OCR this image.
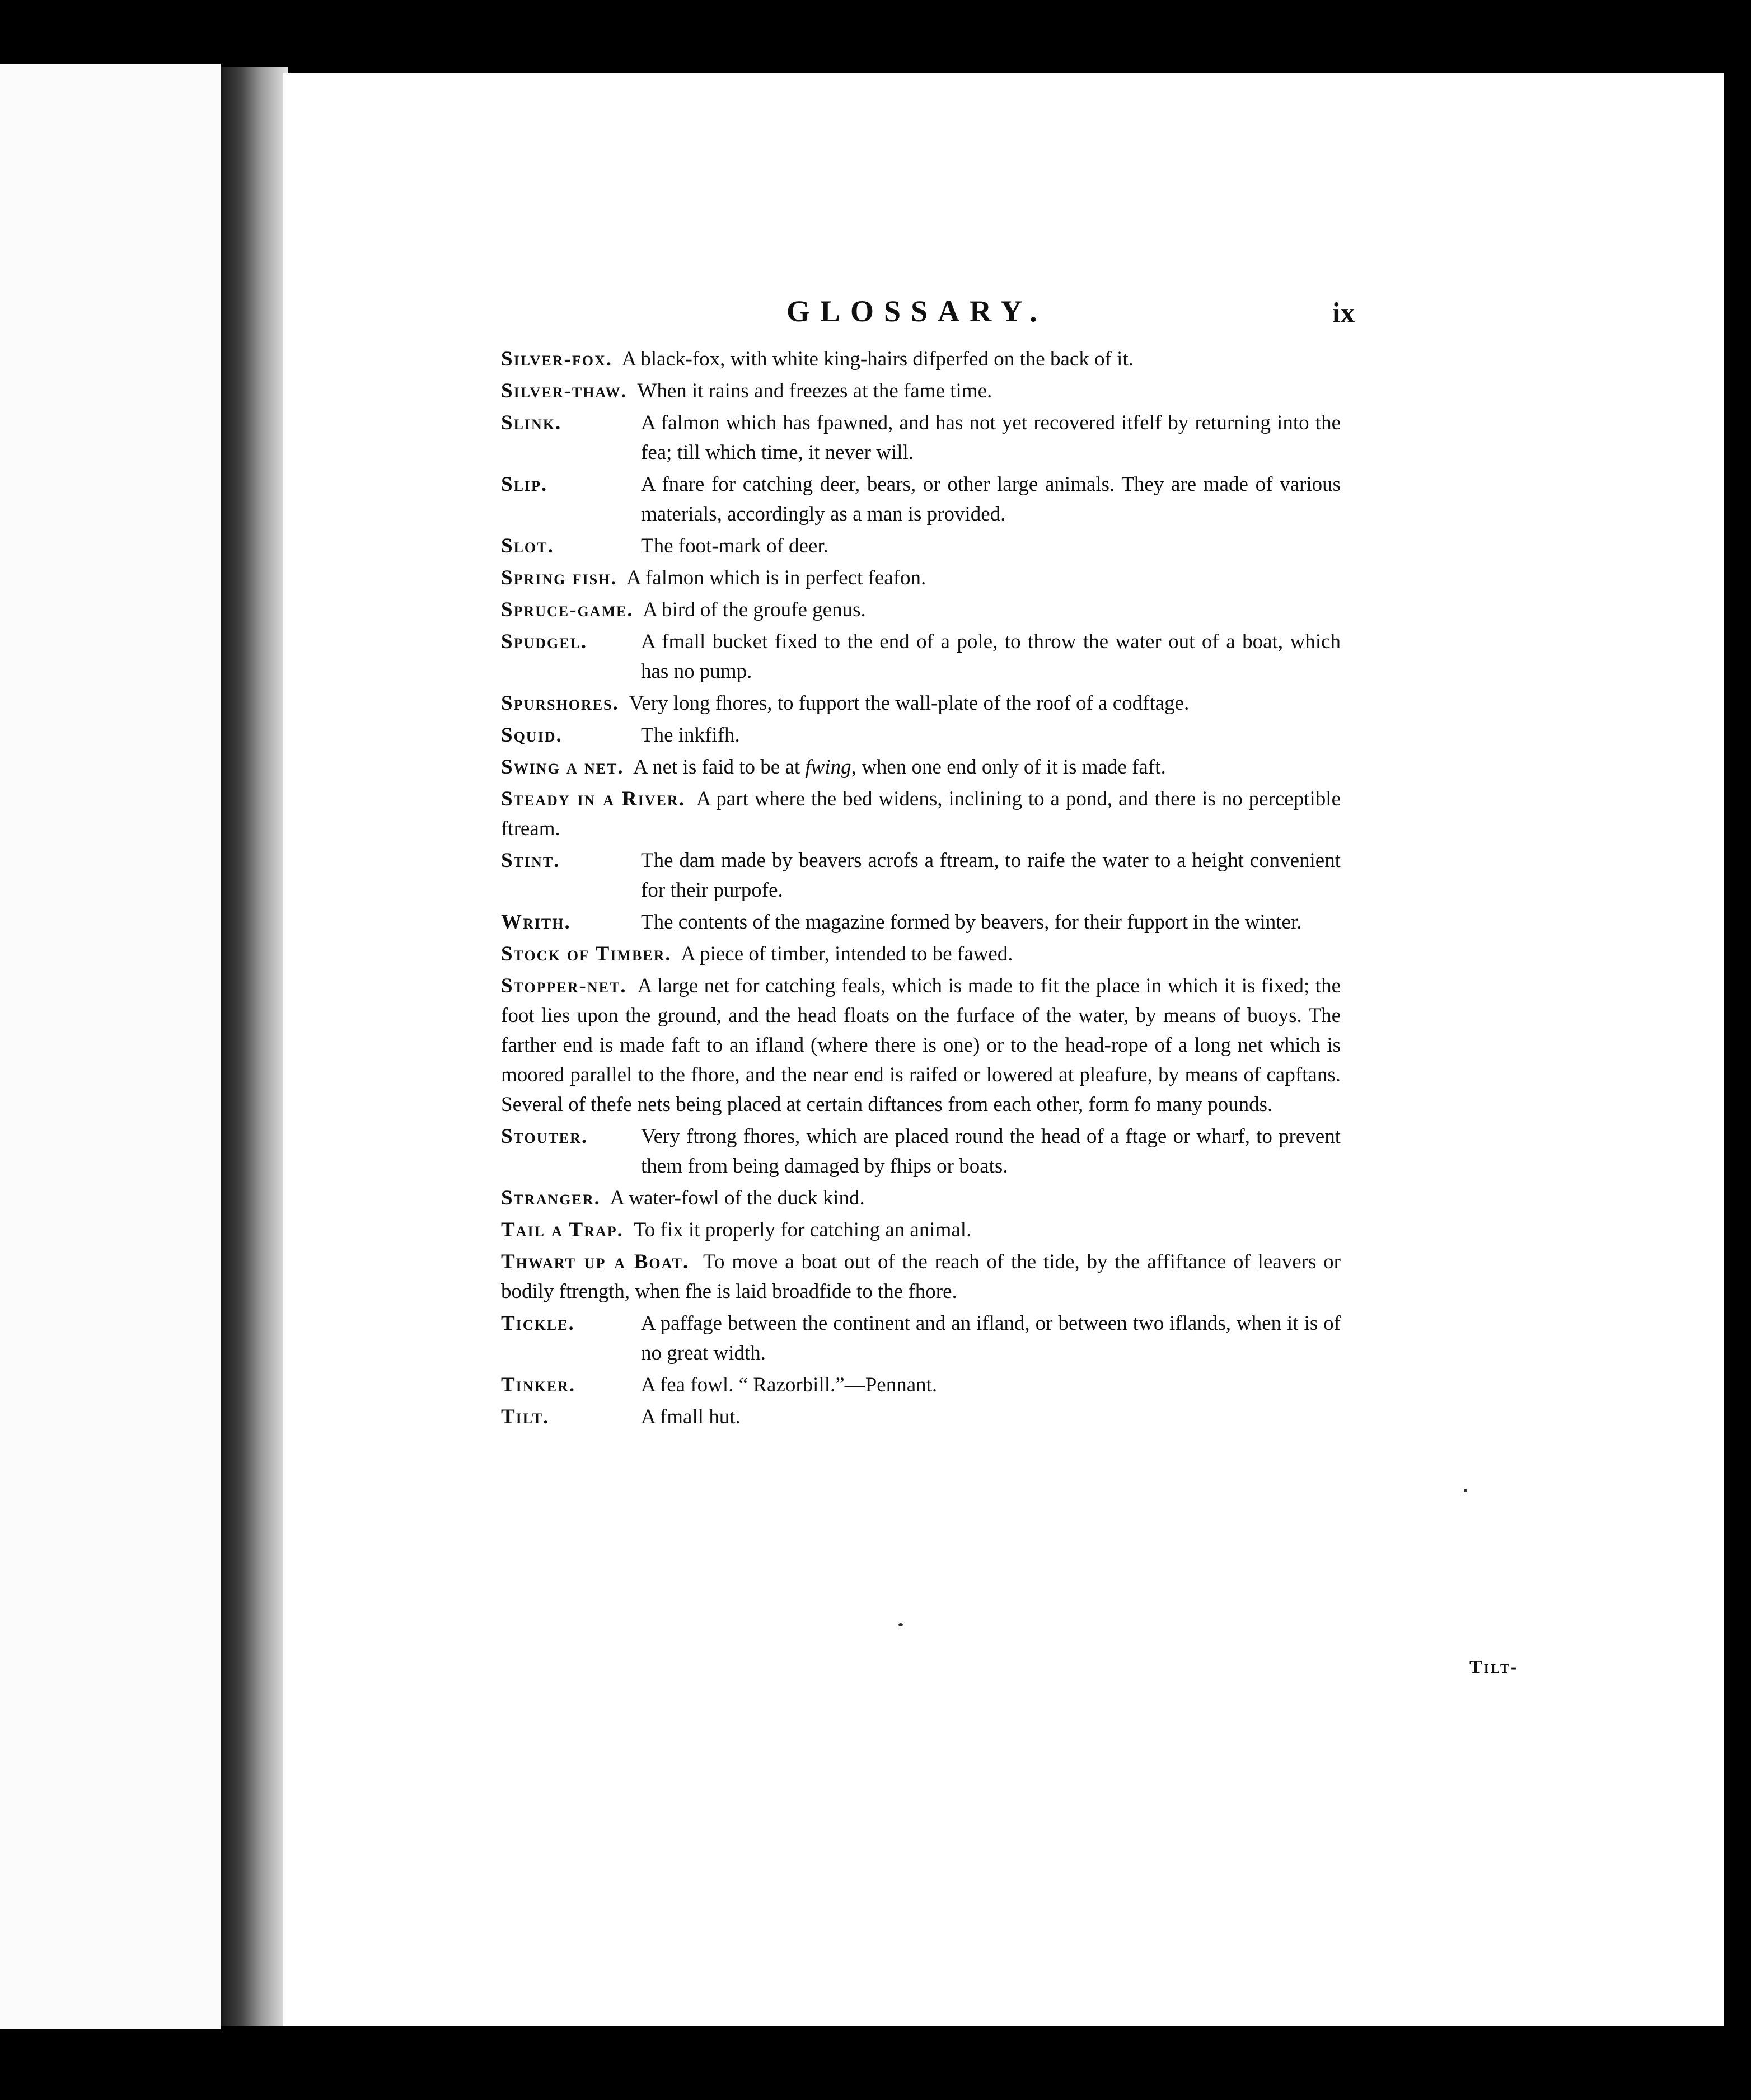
GLOSSARY.	ix
Silver-fox. A black-fox, with white king-hairs difperfed on the back of it.
Silver-thaw. When it rains and freezes at the fame time.
Slink.	A falmon which has fpawned, and has not yet recovered itfelf by returning into the fea; till which time, it never will.
Slip.	A fnare for catching deer, bears, or other large animals. They are made of various materials, accordingly as a man is provided.
Slot.	The foot-mark of deer.
Spring fish. A falmon which is in perfect feafon.
Spruce-game. A bird of the groufe genus.
Spudgel.	A fmall bucket fixed to the end of a pole, to throw the water out of a boat, which has no pump.
Spurshores. Very long fhores, to fupport the wall-plate of the roof of a codftage.
Squid.	The inkfifh.
Swing a net. A net is faid to be at fwing, when one end only of it is made faft.
Steady in a River. A part where the bed widens, inclining to a pond, and there is no perceptible ftream.
Stint.	The dam made by beavers acrofs a ftream, to raife the water to a height convenient for their purpofe.
Writh.	The contents of the magazine formed by beavers, for their fupport in the winter.
Stock of Timber. A piece of timber, intended to be fawed.
Stopper-net. A large net for catching feals, which is made to fit the place in which it is fixed; the foot lies upon the ground, and the head floats on the furface of the water, by means of buoys. The farther end is made faft to an ifland (where there is one) or to the head-rope of a long net which is moored parallel to the fhore, and the near end is raifed or lowered at pleafure, by means of capftans. Several of thefe nets being placed at certain diftances from each other, form fo many pounds.
Stouter.	Very ftrong fhores, which are placed round the head of a ftage or wharf, to prevent them from being damaged by fhips or boats.
Stranger. A water-fowl of the duck kind.
Tail a Trap. To fix it properly for catching an animal.
Thwart up a Boat. To move a boat out of the reach of the tide, by the affiftance of leavers or bodily ftrength, when fhe is laid broadfide to the fhore.
Tickle.	A paffage between the continent and an ifland, or between two iflands, when it is of no great width.
Tinker.	A fea fowl. “ Razorbill.”—Pennant.
Tilt.	A fmall hut.
Tilt-
